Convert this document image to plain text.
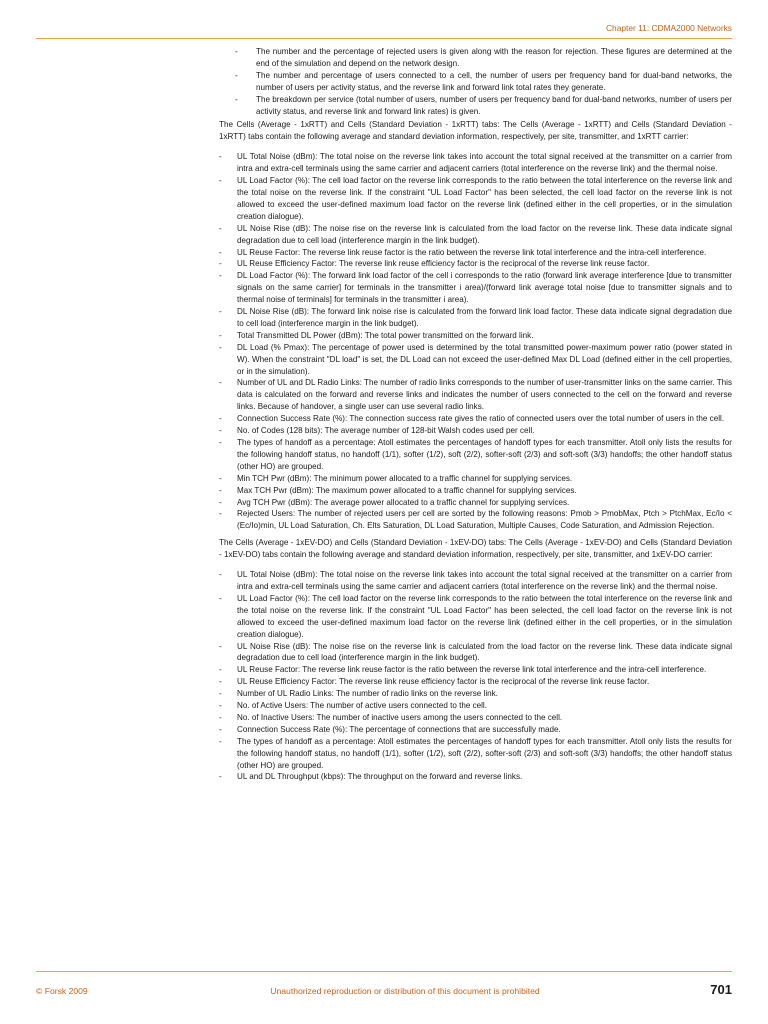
Chapter 11: CDMA2000 Networks
- The number and the percentage of rejected users is given along with the reason for rejection. These figures are determined at the end of the simulation and depend on the network design.
- The number and percentage of users connected to a cell, the number of users per frequency band for dual-band networks, the number of users per activity status, and the reverse link and forward link total rates they generate.
- The breakdown per service (total number of users, number of users per frequency band for dual-band networks, number of users per activity status, and reverse link and forward link rates) is given.

The Cells (Average - 1xRTT) and Cells (Standard Deviation - 1xRTT) tabs: The Cells (Average - 1xRTT) and Cells (Standard Deviation - 1xRTT) tabs contain the following average and standard deviation information, respectively, per site, transmitter, and 1xRTT carrier:

- UL Total Noise (dBm): The total noise on the reverse link takes into account the total signal received at the transmitter on a carrier from intra and extra-cell terminals using the same carrier and adjacent carriers (total interference on the reverse link) and the thermal noise.
- UL Load Factor (%): The cell load factor on the reverse link corresponds to the ratio between the total interference on the reverse link and the total noise on the reverse link. If the constraint "UL Load Factor" has been selected, the cell load factor on the reverse link is not allowed to exceed the user-defined maximum load factor on the reverse link (defined either in the cell properties, or in the simulation creation dialogue).
- UL Noise Rise (dB): The noise rise on the reverse link is calculated from the load factor on the reverse link. These data indicate signal degradation due to cell load (interference margin in the link budget).
- UL Reuse Factor: The reverse link reuse factor is the ratio between the reverse link total interference and the intra-cell interference.
- UL Reuse Efficiency Factor: The reverse link reuse efficiency factor is the reciprocal of the reverse link reuse factor.
- DL Load Factor (%): The forward link load factor of the cell i corresponds to the ratio (forward link average interference [due to transmitter signals on the same carrier] for terminals in the transmitter i area)/(forward link average total noise [due to transmitter signals and to thermal noise of terminals] for terminals in the transmitter i area).
- DL Noise Rise (dB): The forward link noise rise is calculated from the forward link load factor. These data indicate signal degradation due to cell load (interference margin in the link budget).
- Total Transmitted DL Power (dBm): The total power transmitted on the forward link.
- DL Load (% Pmax): The percentage of power used is determined by the total transmitted power-maximum power ratio (power stated in W). When the constraint "DL load" is set, the DL Load can not exceed the user-defined Max DL Load (defined either in the cell properties, or in the simulation).
- Number of UL and DL Radio Links: The number of radio links corresponds to the number of user-transmitter links on the same carrier. This data is calculated on the forward and reverse links and indicates the number of users connected to the cell on the forward and reverse links. Because of handover, a single user can use several radio links.
- Connection Success Rate (%): The connection success rate gives the ratio of connected users over the total number of users in the cell.
- No. of Codes (128 bits): The average number of 128-bit Walsh codes used per cell.
- The types of handoff as a percentage: Atoll estimates the percentages of handoff types for each transmitter. Atoll only lists the results for the following handoff status, no handoff (1/1), softer (1/2), soft (2/2), softer-soft (2/3) and soft-soft (3/3) handoffs; the other handoff status (other HO) are grouped.
- Min TCH Pwr (dBm): The minimum power allocated to a traffic channel for supplying services.
- Max TCH Pwr (dBm): The maximum power allocated to a traffic channel for supplying services.
- Avg TCH Pwr (dBm): The average power allocated to a traffic channel for supplying services.
- Rejected Users: The number of rejected users per cell are sorted by the following reasons: Pmob > PmobMax, Ptch > PtchMax, Ec/Io < (Ec/Io)min, UL Load Saturation, Ch. Elts Saturation, DL Load Saturation, Multiple Causes, Code Saturation, and Admission Rejection.

The Cells (Average - 1xEV-DO) and Cells (Standard Deviation - 1xEV-DO) tabs: The Cells (Average - 1xEV-DO) and Cells (Standard Deviation - 1xEV-DO) tabs contain the following average and standard deviation information, respectively, per site, transmitter, and 1xEV-DO carrier:

- UL Total Noise (dBm): The total noise on the reverse link takes into account the total signal received at the transmitter on a carrier from intra and extra-cell terminals using the same carrier and adjacent carriers (total interference on the reverse link) and the thermal noise.
- UL Load Factor (%): The cell load factor on the reverse link corresponds to the ratio between the total interference on the reverse link and the total noise on the reverse link. If the constraint "UL Load Factor" has been selected, the cell load factor on the reverse link is not allowed to exceed the user-defined maximum load factor on the reverse link (defined either in the cell properties, or in the simulation creation dialogue).
- UL Noise Rise (dB): The noise rise on the reverse link is calculated from the load factor on the reverse link. These data indicate signal degradation due to cell load (interference margin in the link budget).
- UL Reuse Factor: The reverse link reuse factor is the ratio between the reverse link total interference and the intra-cell interference.
- UL Reuse Efficiency Factor: The reverse link reuse efficiency factor is the reciprocal of the reverse link reuse factor.
- Number of UL Radio Links: The number of radio links on the reverse link.
- No. of Active Users: The number of active users connected to the cell.
- No. of Inactive Users: The number of inactive users among the users connected to the cell.
- Connection Success Rate (%): The percentage of connections that are successfully made.
- The types of handoff as a percentage: Atoll estimates the percentages of handoff types for each transmitter. Atoll only lists the results for the following handoff status, no handoff (1/1), softer (1/2), soft (2/2), softer-soft (2/3) and soft-soft (3/3) handoffs; the other handoff status (other HO) are grouped.
- UL and DL Throughput (kbps): The throughput on the forward and reverse links.
© Forsk 2009	Unauthorized reproduction or distribution of this document is prohibited	701
